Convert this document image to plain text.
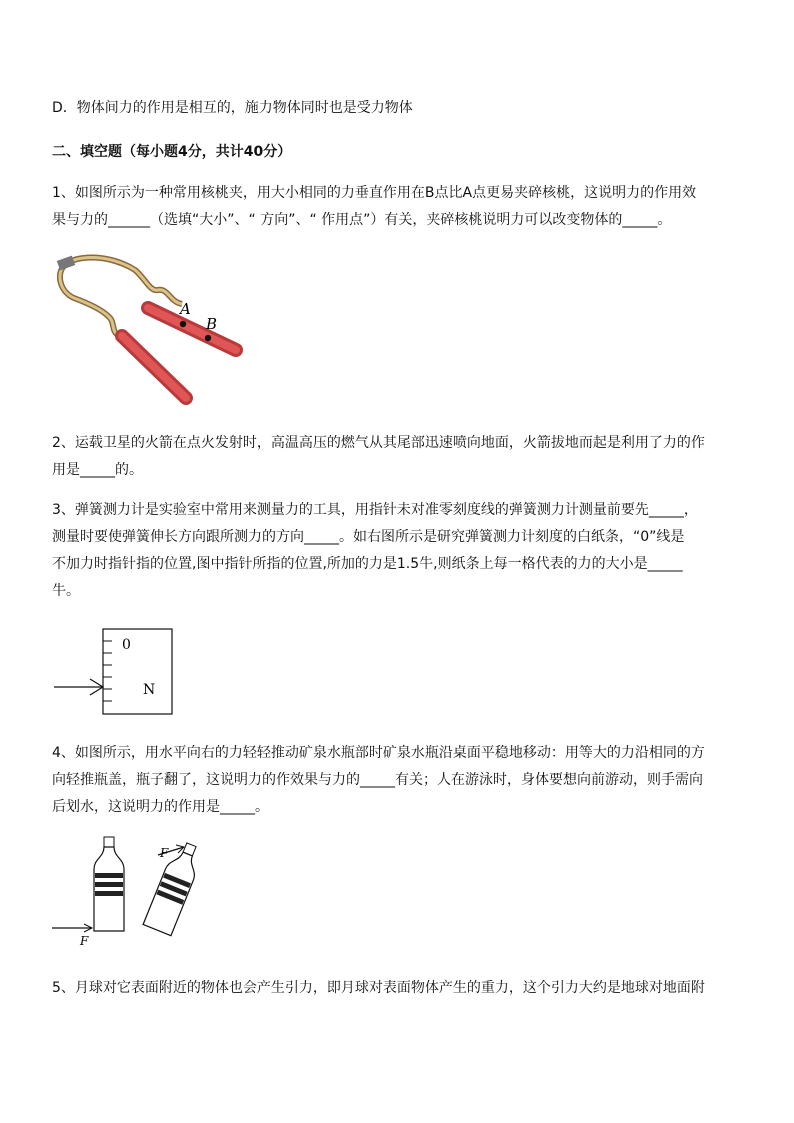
D．物体间力的作用是相互的，施力物体同时也是受力物体
二、填空题（每小题4分，共计40分）
1、如图所示为一种常用核桃夹，用大小相同的力垂直作用在B点比A点更易夹碎核桃，这说明力的作用效
果与力的______（选填“大小”、“ 方向”、“ 作用点”）有关，夹碎核桃说明力可以改变物体的_____。
A
B
2、运载卫星的火箭在点火发射时，高温高压的燃气从其尾部迅速喷向地面，火箭拔地而起是利用了力的作
用是_____的。
3、弹簧测力计是实验室中常用来测量力的工具，用指针未对准零刻度线的弹簧测力计测量前要先_____，
测量时要使弹簧伸长方向跟所测力的方向_____。如右图所示是研究弹簧测力计刻度的白纸条，“0”线是
不加力时指针指的位置,图中指针所指的位置,所加的力是1.5牛,则纸条上每一格代表的力的大小是_____
牛。
0
N
4、如图所示，用水平向右的力轻轻推动矿泉水瓶部时矿泉水瓶沿桌面平稳地移动：用等大的力沿相同的方
向轻推瓶盖，瓶子翻了，这说明力的作效果与力的_____有关；人在游泳时，身体要想向前游动，则手需向
后划水，这说明力的作用是_____。
F
F
5、月球对它表面附近的物体也会产生引力，即月球对表面物体产生的重力，这个引力大约是地球对地面附
